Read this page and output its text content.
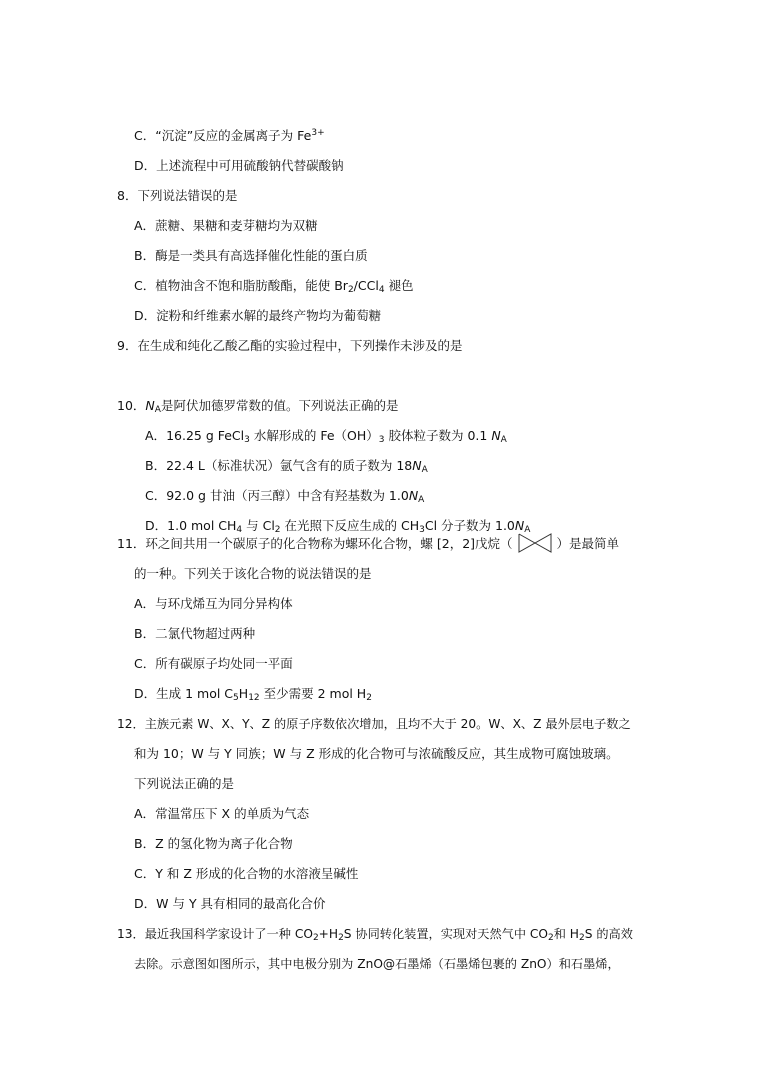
C．“沉淀”反应的金属离子为 $Fe^{3+}$
D．上述流程中可用硫酸钠代替碳酸钠
8．下列说法错误的是
A．蔗糖、果糖和麦芽糖均为双糖
B．酶是一类具有高选择催化性能的蛋白质
C．植物油含不饱和脂肪酸酯，能使 $Br_2/CCl_4$ 褪色
D．淀粉和纤维素水解的最终产物均为葡萄糖
9．在生成和纯化乙酸乙酯的实验过程中，下列操作未涉及的是
10．$N_A$是阿伏加德罗常数的值。下列说法正确的是
A．16.25 g FeCl$_3$ 水解形成的 $Fe(OH)_3$ 胶体粒子数为 0.1 $N_A$
B．22.4 L（标准状况）氩气含有的质子数为 $18N_A$
C．92.0 g 甘油（丙三醇）中含有羟基数为 $1.0N_A$
D．1.0 mol $CH_4$ 与 $Cl_2$ 在光照下反应生成的 $CH_3Cl$ 分子数为 $1.0N_A$
11．环之间共用一个碳原子的化合物称为螺环化合物，螺 [2，2]戊烷（	）是最简单
的一种。下列关于该化合物的说法错误的是
A．与环戊烯互为同分异构体
B．二氯代物超过两种
C．所有碳原子均处同一平面
D．生成 1 mol $C_5H_{12}$ 至少需要 2 mol $H_2$
12．主族元素 W、X、Y、Z 的原子序数依次增加，且均不大于 20。W、X、Z 最外层电子数之
和为 10；W 与 Y 同族；W 与 Z 形成的化合物可与浓硫酸反应，其生成物可腐蚀玻璃。
下列说法正确的是
A．常温常压下 X 的单质为气态
B．Z 的氢化物为离子化合物
C．Y 和 Z 形成的化合物的水溶液呈碱性
D．W 与 Y 具有相同的最高化合价
13．最近我国科学家设计了一种 $CO_2+H_2S$ 协同转化装置，实现对天然气中 $CO_2$和 $H_2S$ 的高效
去除。示意图如图所示，其中电极分别为 ZnO@石墨烯（石墨烯包裹的 ZnO）和石墨烯，
